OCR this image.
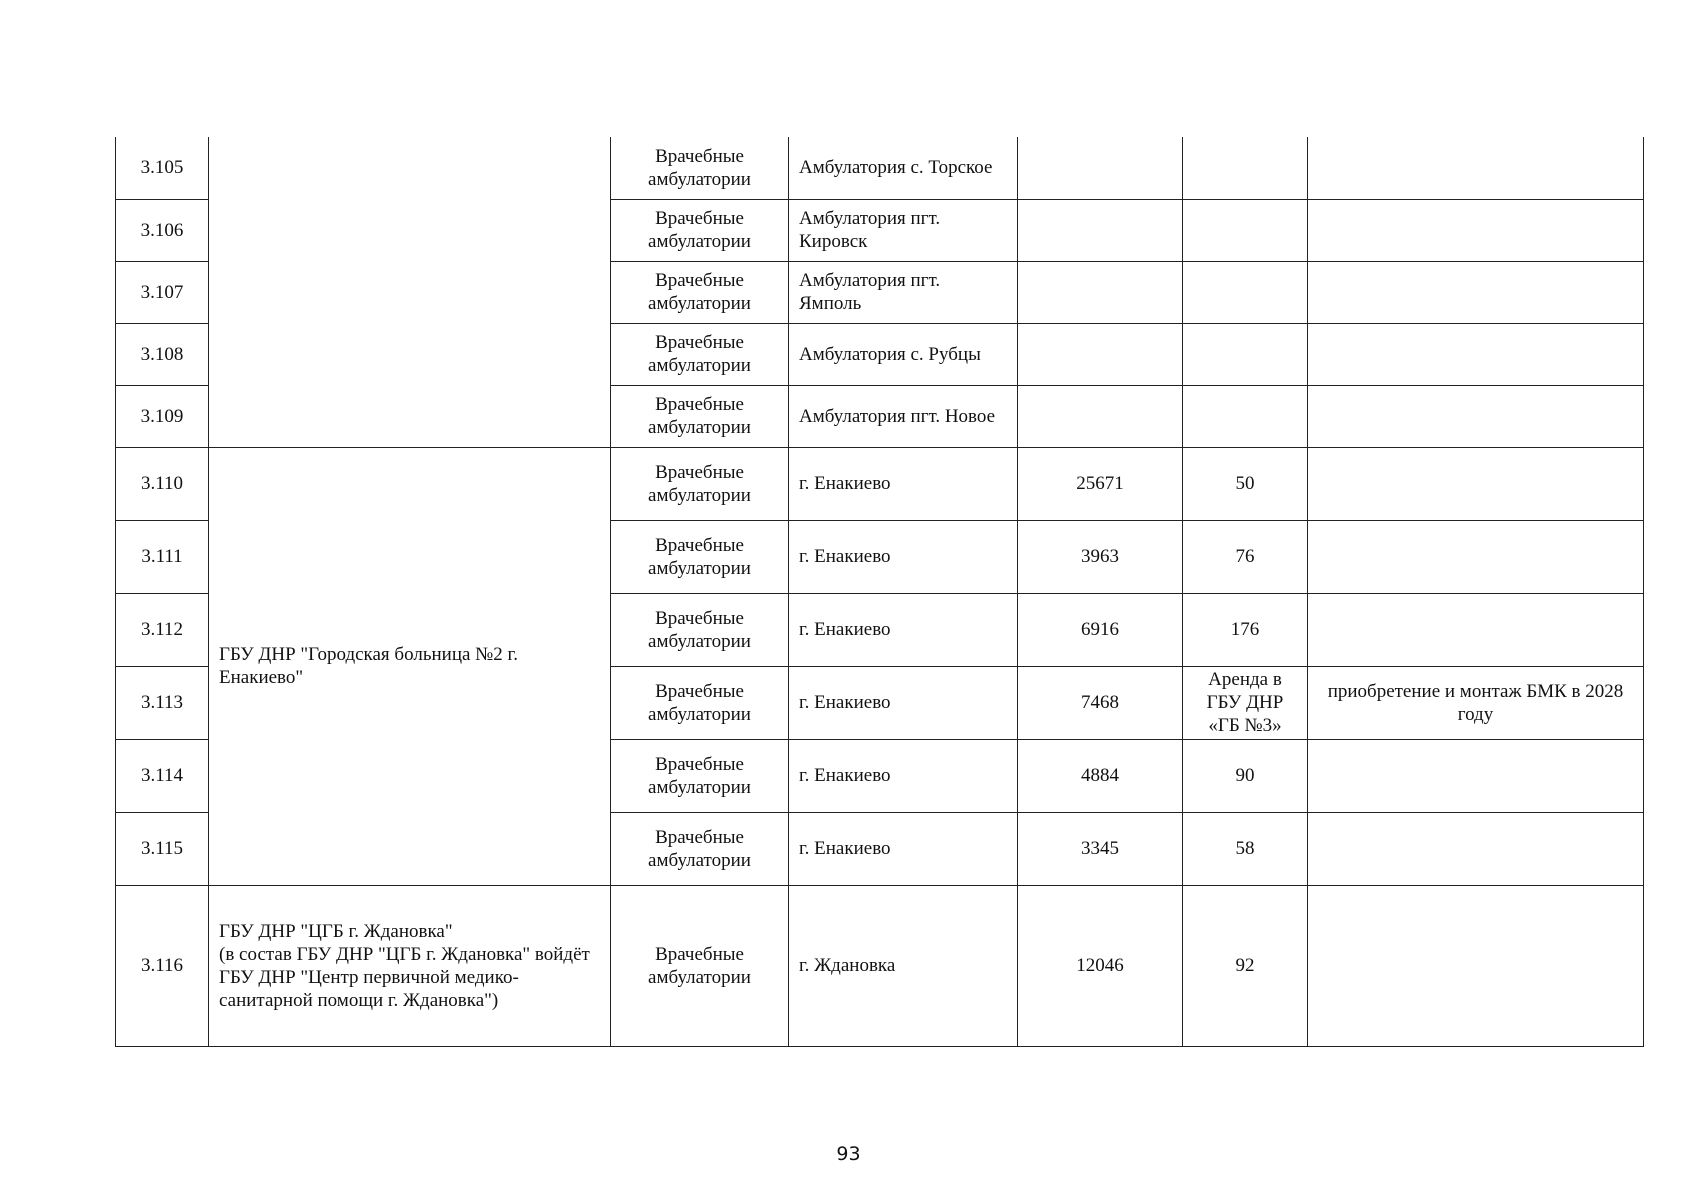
3.105		Врачебные амбулатории	Амбулатория с. Торское			
3.106		Врачебные амбулатории	Амбулатория пгт. Кировск			
3.107		Врачебные амбулатории	Амбулатория пгт. Ямполь			
3.108		Врачебные амбулатории	Амбулатория с. Рубцы			
3.109		Врачебные амбулатории	Амбулатория пгт. Новое			
3.110	ГБУ ДНР "Городская больница №2 г. Енакиево"	Врачебные амбулатории	г. Енакиево	25671	50	
3.111		Врачебные амбулатории	г. Енакиево	3963	76	
3.112		Врачебные амбулатории	г. Енакиево	6916	176	
3.113		Врачебные амбулатории	г. Енакиево	7468	Аренда в ГБУ ДНР «ГБ №3»	приобретение и монтаж БМК в 2028 году
3.114		Врачебные амбулатории	г. Енакиево	4884	90	
3.115		Врачебные амбулатории	г. Енакиево	3345	58	
3.116	ГБУ ДНР "ЦГБ г. Ждановка"
(в состав ГБУ ДНР "ЦГБ г. Ждановка" войдёт ГБУ ДНР "Центр первичной медико-санитарной помощи г. Ждановка")	Врачебные амбулатории	г. Ждановка	12046	92	
93
